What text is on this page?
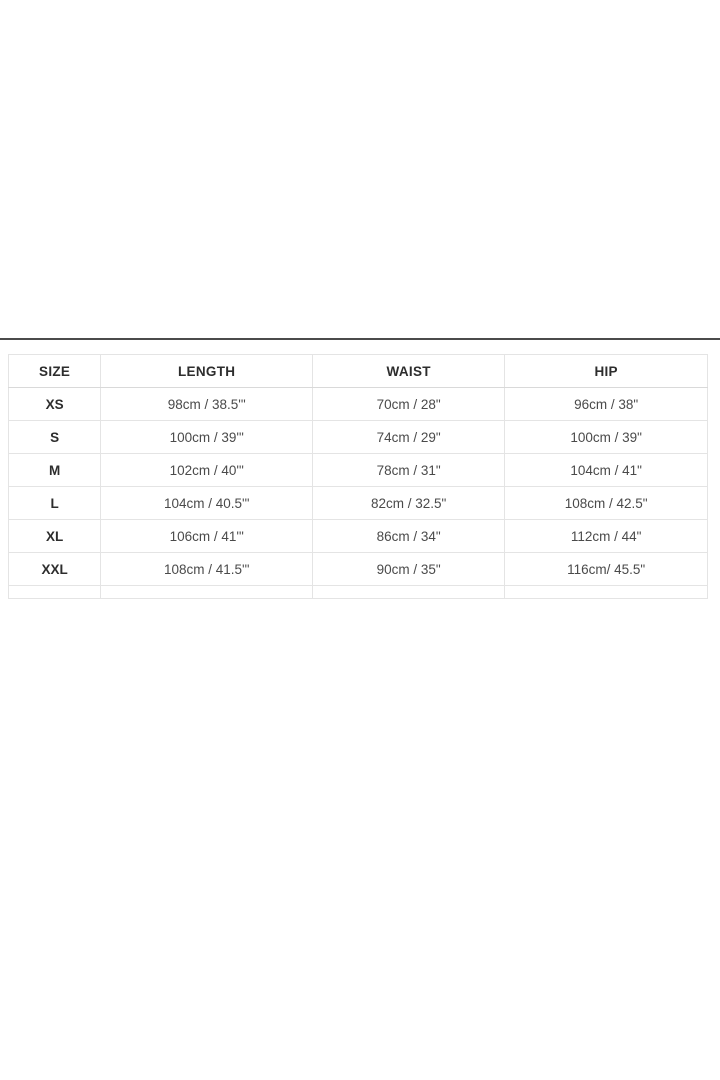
SIZE	LENGTH	WAIST	HIP
XS	98cm / 38.5'"	70cm / 28"	96cm / 38"
S	100cm / 39'"	74cm / 29"	100cm / 39"
M	102cm / 40'"	78cm / 31"	104cm / 41"
L	104cm / 40.5'"	82cm / 32.5"	108cm / 42.5"
XL	106cm / 41'"	86cm / 34"	112cm / 44"
XXL	108cm / 41.5'"	90cm / 35"	116cm/ 45.5"
